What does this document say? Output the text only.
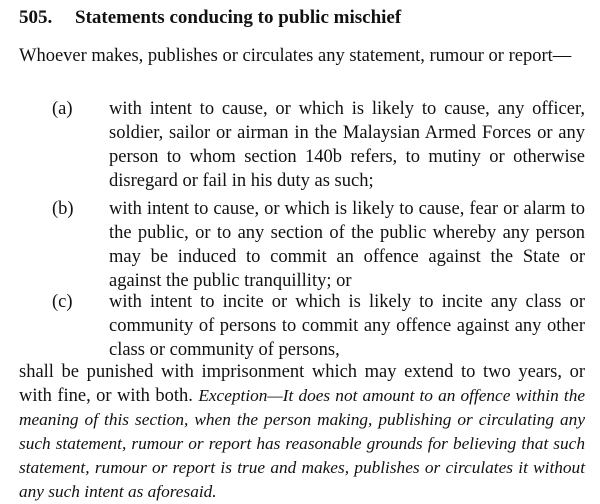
505. Statements conducing to public mischief

Whoever makes, publishes or circulates any statement, rumour or report—

(a) with intent to cause, or which is likely to cause, any officer, soldier, sailor or airman in the Malaysian Armed Forces or any person to whom section 140b refers, to mutiny or otherwise disregard or fail in his duty as such;
(b) with intent to cause, or which is likely to cause, fear or alarm to the public, or to any section of the public whereby any person may be induced to commit an offence against the State or against the public tranquillity; or
(c) with intent to incite or which is likely to incite any class or community of persons to commit any offence against any other class or community of persons,

shall be punished with imprisonment which may extend to two years, or with fine, or with both. Exception—It does not amount to an offence within the meaning of this section, when the person making, publishing or circulating any such statement, rumour or report has reasonable grounds for believing that such statement, rumour or report is true and makes, publishes or circulates it without any such intent as aforesaid.
